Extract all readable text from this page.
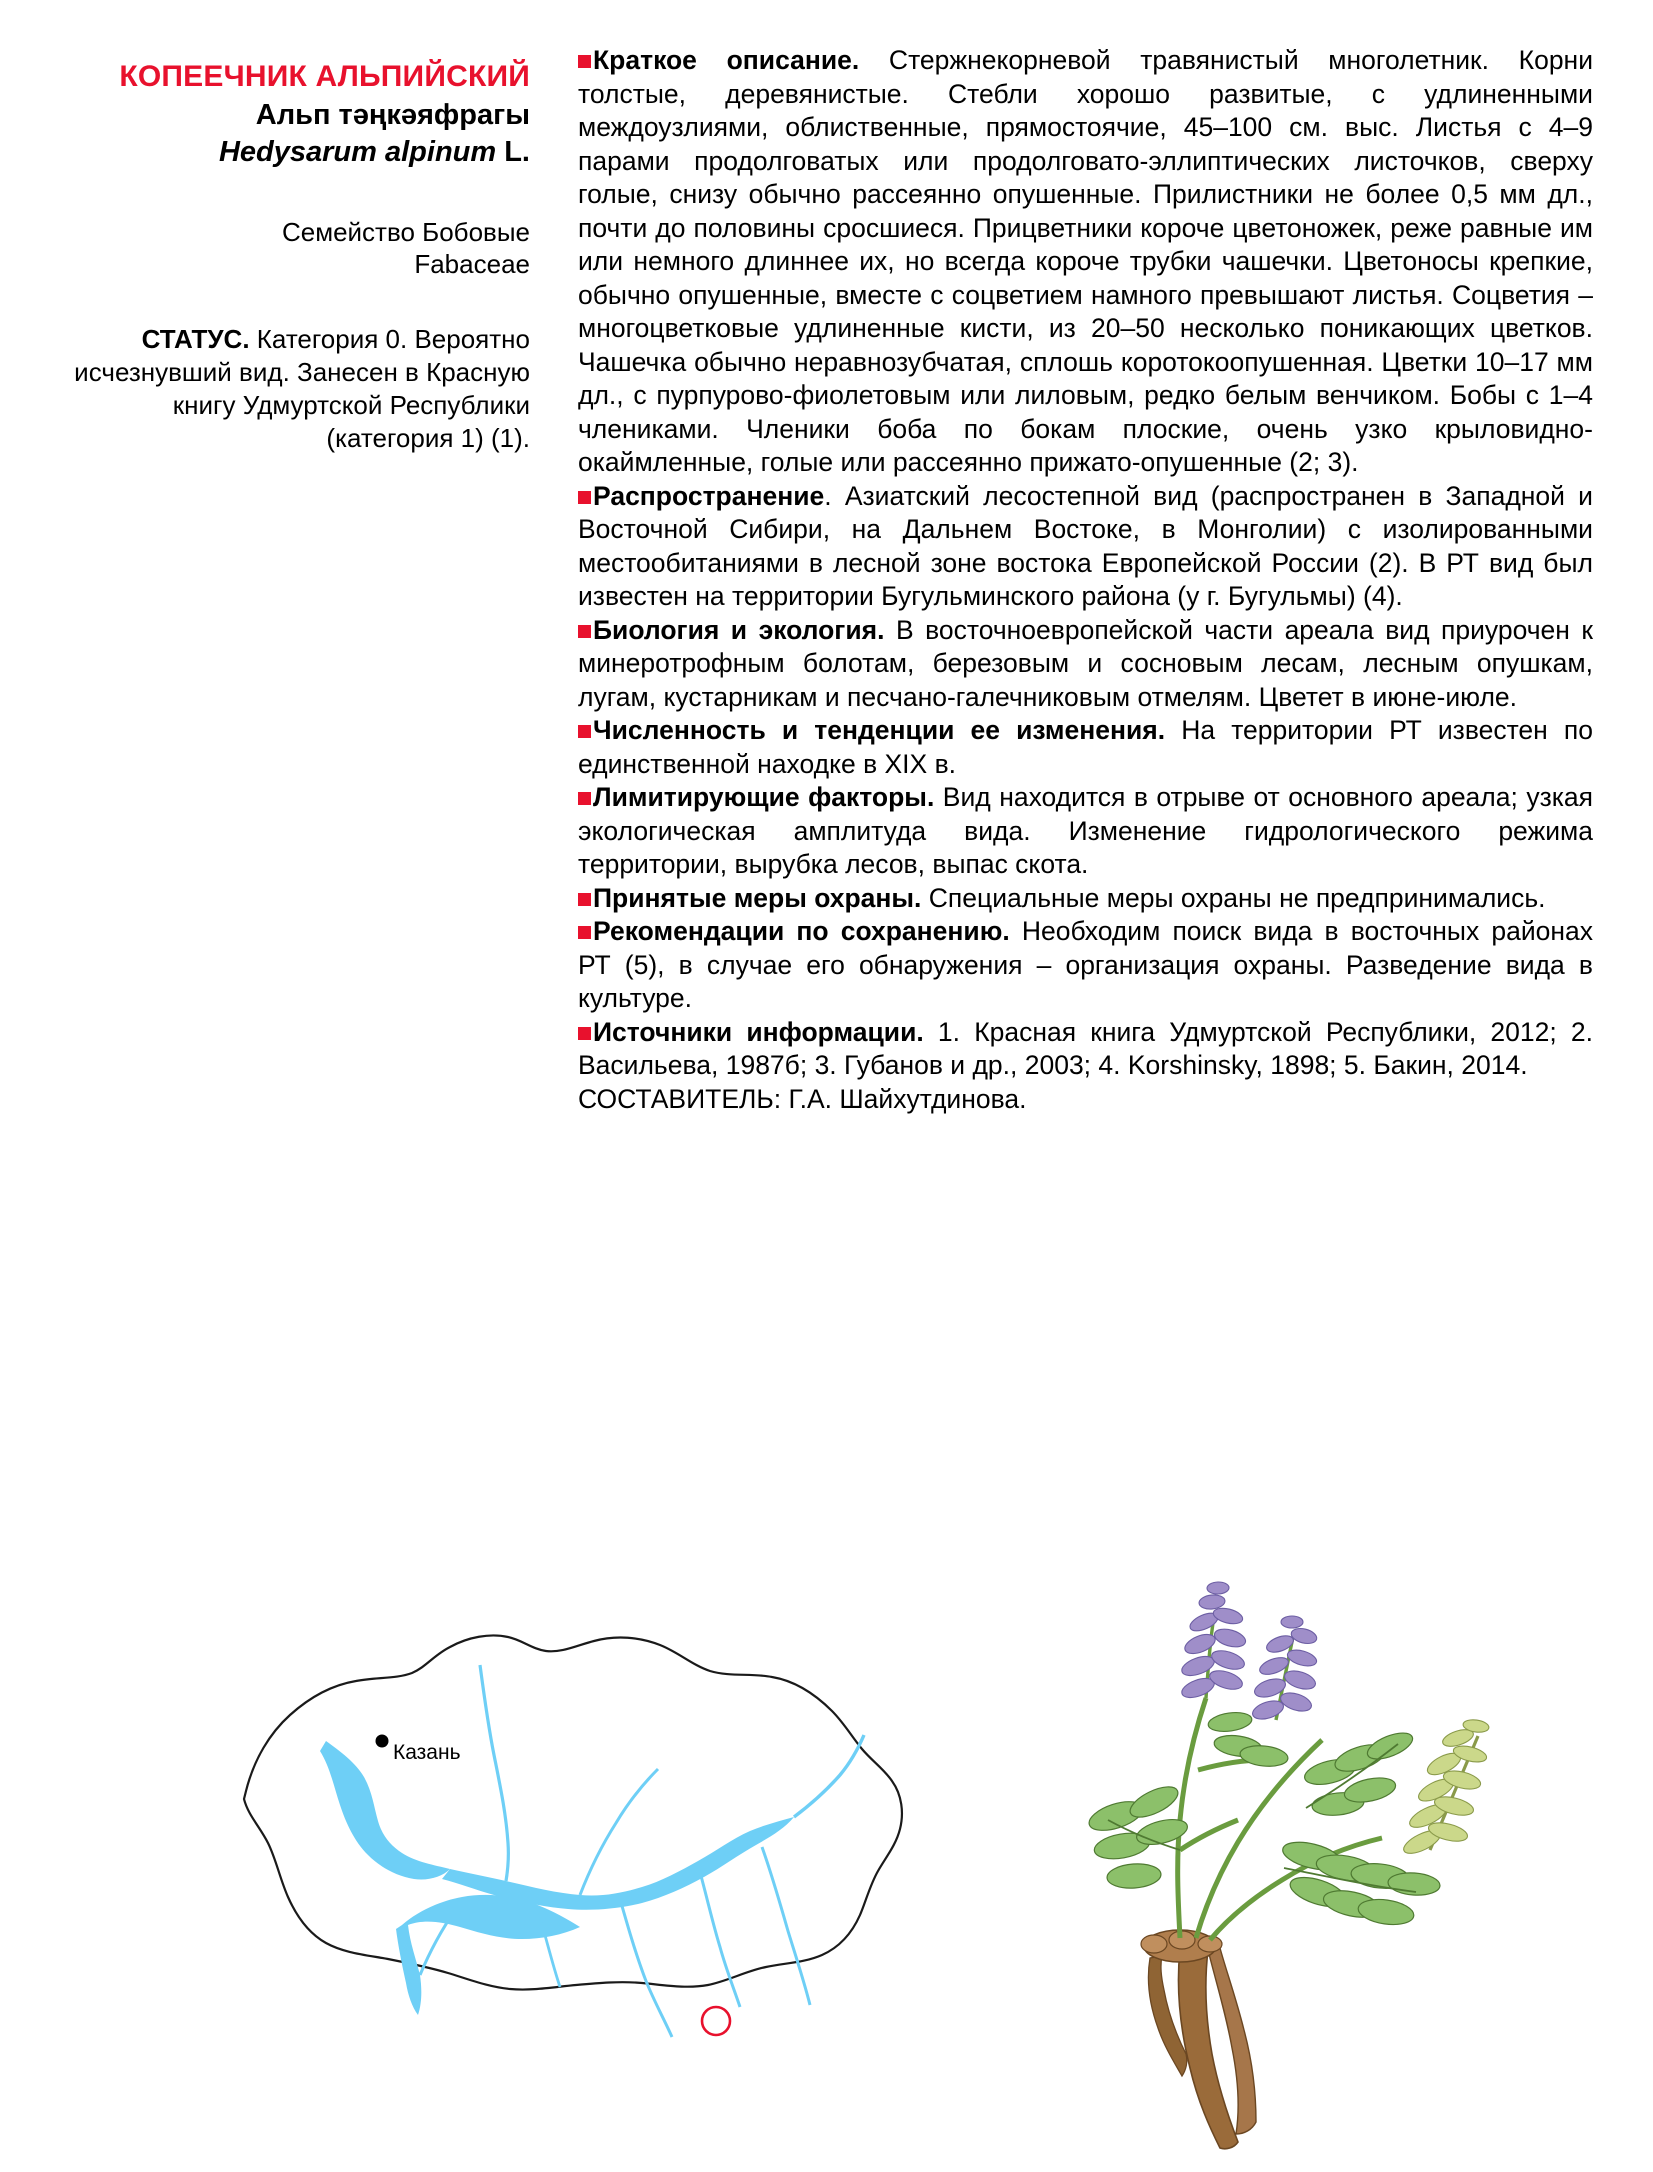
КОПЕЕЧНИК АЛЬПИЙСКИЙ
Альп тәңкәяфрагы
Hedysarum alpinum L.
Семейство Бобовые
Fabaceae
СТАТУС. Категория 0. Вероятно исчезнувший вид. Занесен в Красную книгу Удмуртской Республики (категория 1) (1).

Краткое описание. Стержнекорневой травянистый многолетник. Корни толстые, деревянистые. Стебли хорошо развитые, с удлиненными междоузлиями, облиственные, прямостоячие, 45–100 см. выс. Листья с 4–9 парами продолговатых или продолговато-эллиптических листочков, сверху голые, снизу обычно рассеянно опушенные. Прилистники не более 0,5 мм дл., почти до половины сросшиеся. Прицветники короче цветоножек, реже равные им или немного длиннее их, но всегда короче трубки чашечки. Цветоносы крепкие, обычно опушенные, вместе с соцветием намного превышают листья. Соцветия – многоцветковые удлиненные кисти, из 20–50 несколько поникающих цветков. Чашечка обычно неравнозубчатая, сплошь коротокоопушенная. Цветки 10–17 мм дл., с пурпурово-фиолетовым или лиловым, редко белым венчиком. Бобы с 1–4 члениками. Членики боба по бокам плоские, очень узко крыловидно-окаймленные, голые или рассеянно прижато-опушенные (2; 3).

Распространение. Азиатский лесостепной вид (распространен в Западной и Восточной Сибири, на Дальнем Востоке, в Монголии) с изолированными местообитаниями в лесной зоне востока Европейской России (2). В РТ вид был известен на территории Бугульминского района (у г. Бугульмы) (4).

Биология и экология. В восточноевропейской части ареала вид приурочен к минеротрофным болотам, березовым и сосновым лесам, лесным опушкам, лугам, кустарникам и песчано-галечниковым отмелям. Цветет в июне-июле.

Численность и тенденции ее изменения. На территории РТ известен по единственной находке в XIX в.

Лимитирующие факторы. Вид находится в отрыве от основного ареала; узкая экологическая амплитуда вида. Изменение гидрологического режима территории, вырубка лесов, выпас скота.

Принятые меры охраны. Специальные меры охраны не предпринимались.

Рекомендации по сохранению. Необходим поиск вида в восточных районах РТ (5), в случае его обнаружения – организация охраны. Разведение вида в культуре.

Источники информации. 1. Красная книга Удмуртской Республики, 2012; 2. Васильева, 1987б; 3. Губанов и др., 2003; 4. Korshinsky, 1898; 5. Бакин, 2014.

СОСТАВИТЕЛЬ: Г.А. Шайхутдинова.

Казань
